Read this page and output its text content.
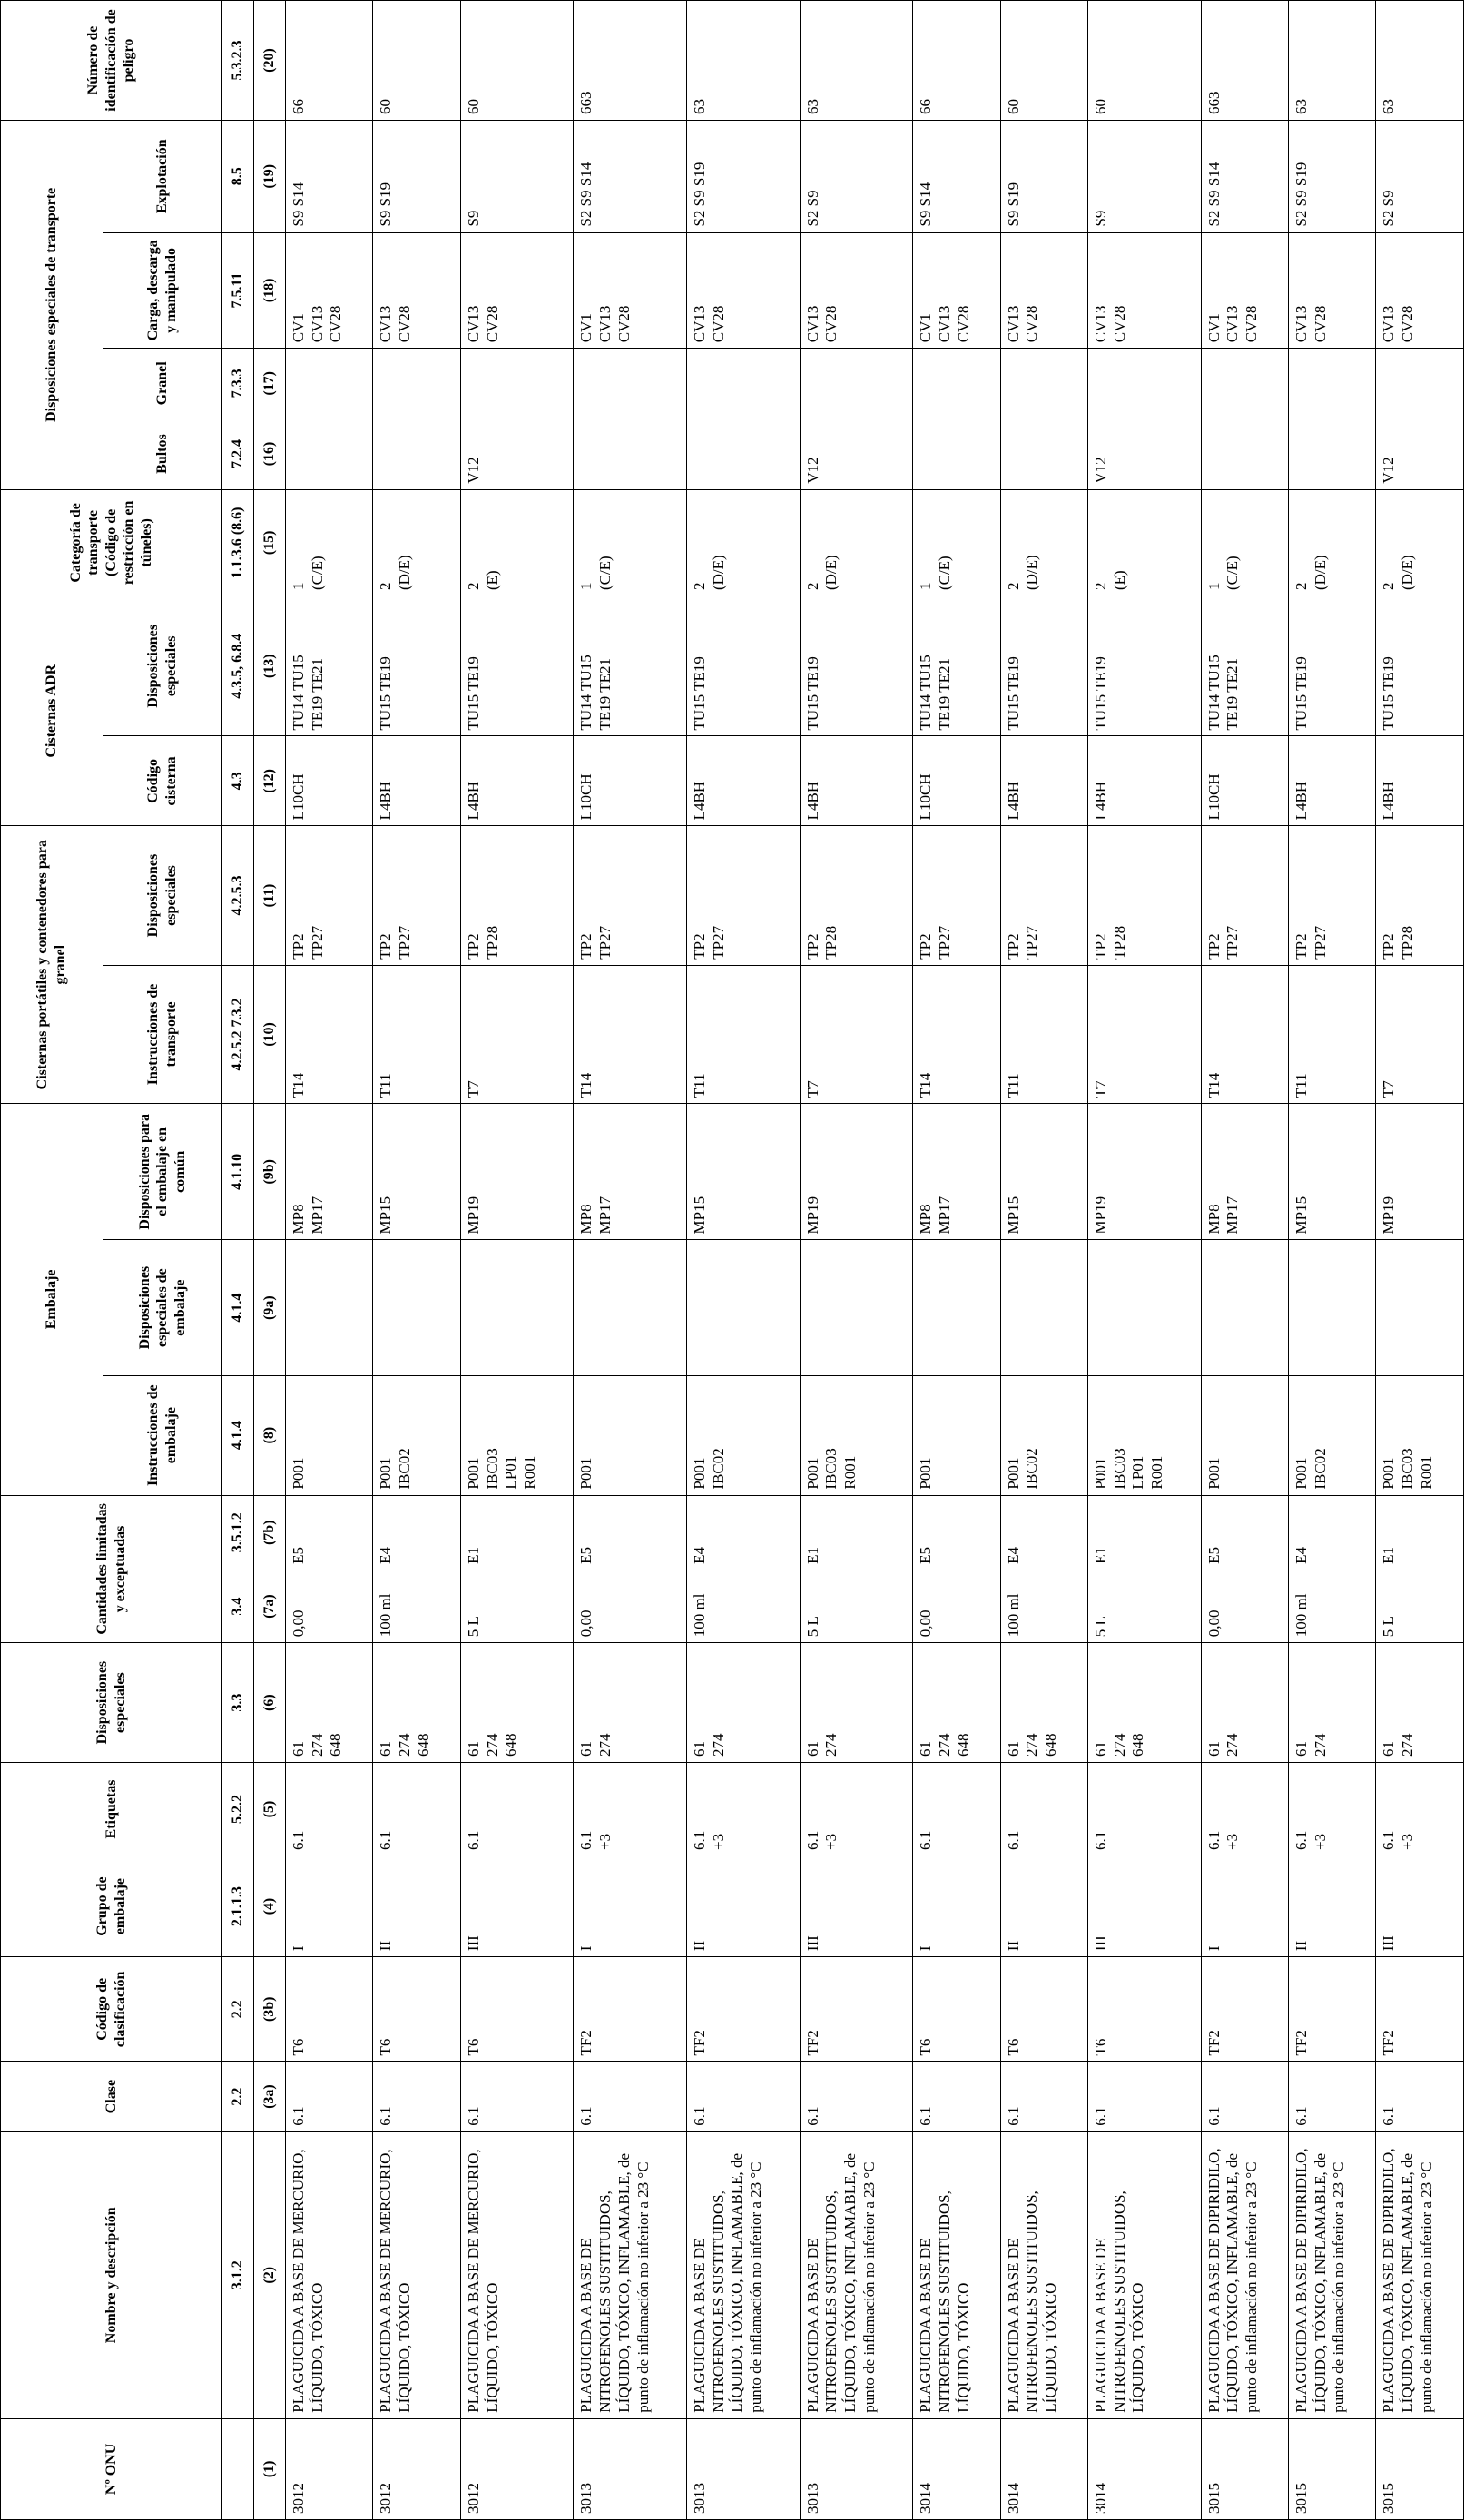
Nº ONU	Nombre y descripción	Clase	Código de clasificación	Grupo de embalaje	Etiquetas	Disposiciones especiales	Cantidades limitadas y exceptuadas		Embalaje			Cisternas portátiles y contenedores para granel		Cisternas ADR		Categoría de transporte (Código de restricción en túneles)	Disposiciones especiales de transporte				Número de identificación de peligro
									Instrucciones de embalaje	Disposiciones especiales de embalaje	Disposiciones para el embalaje en común	Instrucciones de transporte	Disposiciones especiales	Código cisterna	Disposiciones especiales		Bultos	Granel	Carga, descarga y manipulado	Explotación	
	3.1.2	2.2	2.2	2.1.1.3	5.2.2	3.3	3.4	3.5.1.2	4.1.4	4.1.4	4.1.10	4.2.5.2 7.3.2	4.2.5.3	4.3	4.3.5, 6.8.4	1.1.3.6 (8.6)	7.2.4	7.3.3	7.5.11	8.5	5.3.2.3
(1)	(2)	(3a)	(3b)	(4)	(5)	(6)	(7a)	(7b)	(8)	(9a)	(9b)	(10)	(11)	(12)	(13)	(15)	(16)	(17)	(18)	(19)	(20)
3012	PLAGUICIDA A BASE DE MERCURIO, LÍQUIDO, TÓXICO	6.1	T6	I	6.1	61 274 648	0,00	E5	P001		MP8 MP17	T14	TP2 TP27	L10CH	TU14 TU15 TE19 TE21	1 (C/E)			CV1 CV13 CV28	S9 S14	66
3012	PLAGUICIDA A BASE DE MERCURIO, LÍQUIDO, TÓXICO	6.1	T6	II	6.1	61 274 648	100 ml	E4	P001 IBC02		MP15	T11	TP2 TP27	L4BH	TU15 TE19	2 (D/E)			CV13 CV28	S9 S19	60
3012	PLAGUICIDA A BASE DE MERCURIO, LÍQUIDO, TÓXICO	6.1	T6	III	6.1	61 274 648	5 L	E1	P001 IBC03 LP01 R001		MP19	T7	TP2 TP28	L4BH	TU15 TE19	2 (E)	V12		CV13 CV28	S9	60
3013	PLAGUICIDA A BASE DE NITROFENOLES SUSTITUIDOS, LÍQUIDO, TÓXICO, INFLAMABLE, de punto de inflamación no inferior a 23 °C	6.1	TF2	I	6.1 +3	61 274	0,00	E5	P001		MP8 MP17	T14	TP2 TP27	L10CH	TU14 TU15 TE19 TE21	1 (C/E)			CV1 CV13 CV28	S2 S9 S14	663
3013	PLAGUICIDA A BASE DE NITROFENOLES SUSTITUIDOS, LÍQUIDO, TÓXICO, INFLAMABLE, de punto de inflamación no inferior a 23 °C	6.1	TF2	II	6.1 +3	61 274	100 ml	E4	P001 IBC02		MP15	T11	TP2 TP27	L4BH	TU15 TE19	2 (D/E)			CV13 CV28	S2 S9 S19	63
3013	PLAGUICIDA A BASE DE NITROFENOLES SUSTITUIDOS, LÍQUIDO, TÓXICO, INFLAMABLE, de punto de inflamación no inferior a 23 °C	6.1	TF2	III	6.1 +3	61 274	5 L	E1	P001 IBC03 R001		MP19	T7	TP2 TP28	L4BH	TU15 TE19	2 (D/E)	V12		CV13 CV28	S2 S9	63
3014	PLAGUICIDA A BASE DE NITROFENOLES SUSTITUIDOS, LÍQUIDO, TÓXICO	6.1	T6	I	6.1	61 274 648	0,00	E5	P001		MP8 MP17	T14	TP2 TP27	L10CH	TU14 TU15 TE19 TE21	1 (C/E)			CV1 CV13 CV28	S9 S14	66
3014	PLAGUICIDA A BASE DE NITROFENOLES SUSTITUIDOS, LÍQUIDO, TÓXICO	6.1	T6	II	6.1	61 274 648	100 ml	E4	P001 IBC02		MP15	T11	TP2 TP27	L4BH	TU15 TE19	2 (D/E)			CV13 CV28	S9 S19	60
3014	PLAGUICIDA A BASE DE NITROFENOLES SUSTITUIDOS, LÍQUIDO, TÓXICO	6.1	T6	III	6.1	61 274 648	5 L	E1	P001 IBC03 LP01 R001		MP19	T7	TP2 TP28	L4BH	TU15 TE19	2 (E)	V12		CV13 CV28	S9	60
3015	PLAGUICIDA A BASE DE DIPIRIDILO, LÍQUIDO, TÓXICO, INFLAMABLE, de punto de inflamación no inferior a 23 °C	6.1	TF2	I	6.1 +3	61 274	0,00	E5	P001		MP8 MP17	T14	TP2 TP27	L10CH	TU14 TU15 TE19 TE21	1 (C/E)			CV1 CV13 CV28	S2 S9 S14	663
3015	PLAGUICIDA A BASE DE DIPIRIDILO, LÍQUIDO, TÓXICO, INFLAMABLE, de punto de inflamación no inferior a 23 °C	6.1	TF2	II	6.1 +3	61 274	100 ml	E4	P001 IBC02		MP15	T11	TP2 TP27	L4BH	TU15 TE19	2 (D/E)			CV13 CV28	S2 S9 S19	63
3015	PLAGUICIDA A BASE DE DIPIRIDILO, LÍQUIDO, TÓXICO, INFLAMABLE, de punto de inflamación no inferior a 23 °C	6.1	TF2	III	6.1 +3	61 274	5 L	E1	P001 IBC03 R001		MP19	T7	TP2 TP28	L4BH	TU15 TE19	2 (D/E)	V12		CV13 CV28	S2 S9	63
